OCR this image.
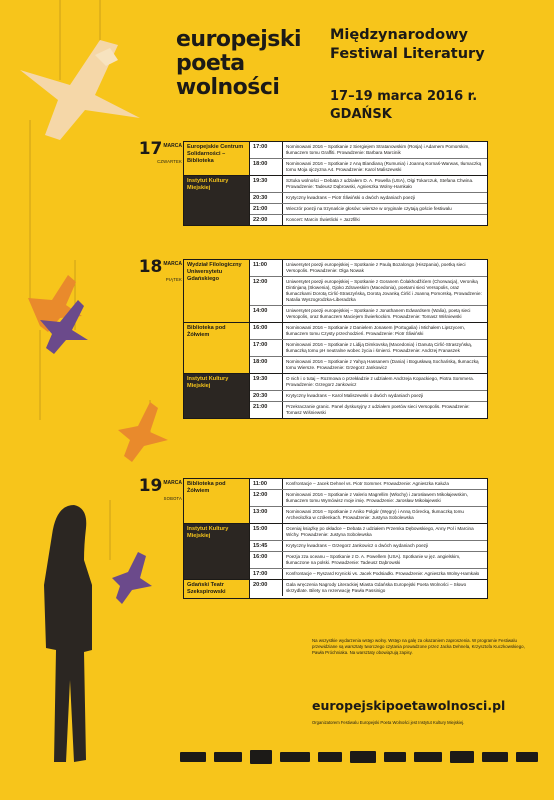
europejski
poeta
wolności
Międzynarodowy
Festiwal Literatury
17–19 marca 2016 r.
GDAŃSK
17MARCA
CZWARTEK
Europejskie Centrum Solidarności – Biblioteka
17:00	Nominowani 2016 – Spotkanie z Siergiejem Stratanowskim (Rosja) i Adamem Pomorskim, tłumaczem tomu Graffiti. Prowadzenie: Barbara Marcinik
18:00	Nominowani 2016 – Spotkanie z Aną Blandianą (Rumunia) i Joanną Kornaś-Warwas, tłumaczką tomu Moja ojczyzna A4. Prowadzenie: Karol Maliszewski
Instytut Kultury Miejskiej
19:30	Sztuka wolności – Debata z udziałem D. A. Powella (USA), Olgi Tokarczuk, Stefana Chwina. Prowadzenie: Tadeusz Dąbrowski, Agnieszka Wolny-Hamkało
20:30	Krytyczny kwadrans – Piotr Śliwiński o dwóch wydaniach poezji
21:00	Wieczór poezji na trzynaście głosów: wiersze w oryginale czytają goście festiwalu
22:00	Koncert: Marcin Świetlicki + Jazzfilki
18MARCA
PIĄTEK
Wydział Filologiczny Uniwersytetu Gdańskiego
11:00	Uniwersytet poezji europejskiej – Spotkanie z Paulą Bozalongo (Hiszpania), poetką sieci Versopolis. Prowadzenie: Olga Nowak
12:00	Uniwersytet poezji europejskiej – Spotkanie z Goranem Čolakhodžićem (Chorwacja), Veroniką Dintinjaną (Słowenia), Gjoko Zdraveskim (Macedonia), poetami sieci Versopolis, oraz tłumaczkami Dorotą Cirlić-Straszyńską, Dorotą Jovanką Ćirlić i Joanną Pomorską. Prowadzenie: Natalia Wyszogrodzka-Liberadzka
14:00	Uniwersytet poezji europejskiej – Spotkanie z Jonathanem Edwardsem (Walia), poetą sieci Versopolis, oraz tłumaczem Maciejem Świerkockim. Prowadzenie: Tomasz Wiśniewski
Biblioteka pod Żółwiem
16:00	Nominowani 2016 – Spotkanie z Danielem Jonasem (Portugalia) i Michałem Lipszycem, tłumaczem tomu Czysty przechodzień. Prowadzenie: Piotr Śliwiński
17:00	Nominowani 2016 – Spotkanie z Lidiją Dimkovską (Macedonia) i Danutą Cirlić-Straszyńską, tłumaczką tomu pH neutralne wobec życia i śmierci. Prowadzenie: Andrzej Franaszek
18:00	Nominowani 2016 – Spotkanie z Yahyą Hassanem (Dania) i Bogusławą Sochańską, tłumaczką tomu Wiersze. Prowadzenie: Grzegorz Jankowicz
Instytut Kultury Miejskiej
19:30	O nich i o tutaj – Rozmowa o przekładzie z udziałem Andrzeja Kopackiego, Piotra Sommera. Prowadzenie: Grzegorz Jankowicz
20:30	Krytyczny kwadrans – Karol Maliszewski o dwóch wydaniach poezji
21:00	Przekraczanie granic. Panel dyskusyjny z udziałem poetów sieci Versopolis. Prowadzenie: Tomasz Wiśniewski
19MARCA
SOBOTA
Biblioteka pod Żółwiem
11:00	Konfrontacje – Jacek Dehnel vs. Piotr Sommer. Prowadzenie: Agnieszka Kałuża
12:00	Nominowani 2016 – Spotkanie z Valerio Magrellim (Włochy) i Jarosławem Mikołajewskim, tłumaczem tomu Wymówisz moje imię. Prowadzenie: Jarosław Mikołajewski
13:00	Nominowani 2016 – Spotkanie z Aniko Polgár (Węgry) i Anną Górecką, tłumaczką tomu Archeolożka w czółenkach. Prowadzenie: Justyna Sobolewska
Instytut Kultury Miejskiej
15:00	Oceniaj książkę po okładce – Debata z udziałem Przemka Dębowskiego, Anny Pol i Marcina Wichy. Prowadzenie: Justyna Sobolewska
15:45	Krytyczny kwadrans – Grzegorz Jankowicz o dwóch wydaniach poezji
16:00	Poezja zza oceanu – Spotkanie z D. A. Powellem (USA). Spotkanie w jęz. angielskim, tłumaczone na polski. Prowadzenie: Tadeusz Dąbrowski
17:00	Konfrontacje – Ryszard Krynicki vs. Jacek Podsiadło. Prowadzenie: Agnieszka Wolny-Hamkało
Gdański Teatr Szekspirowski
20:00	Gala wręczenia Nagrody Literackiej Miasta Gdańska Europejski Poeta Wolności – Słowo skrzydlate. Bilety na rezerwację Pawła Passinigo
Na wszystkie wydarzenia wstęp wolny. Wstęp na galę za okazaniem zaproszenia. W programie Festiwalu przewidziane są warsztaty tworczego czytania prowadzone przez Jacka Dehnela, Krzysztofa Kuczkowskiego, Pawła Próchniaka. Na warsztaty obowiązują zapisy.
europejskipoetawolnosci.pl
Organizatorem Festiwalu Europejski Poeta Wolności jest Instytut Kultury Miejskiej.
